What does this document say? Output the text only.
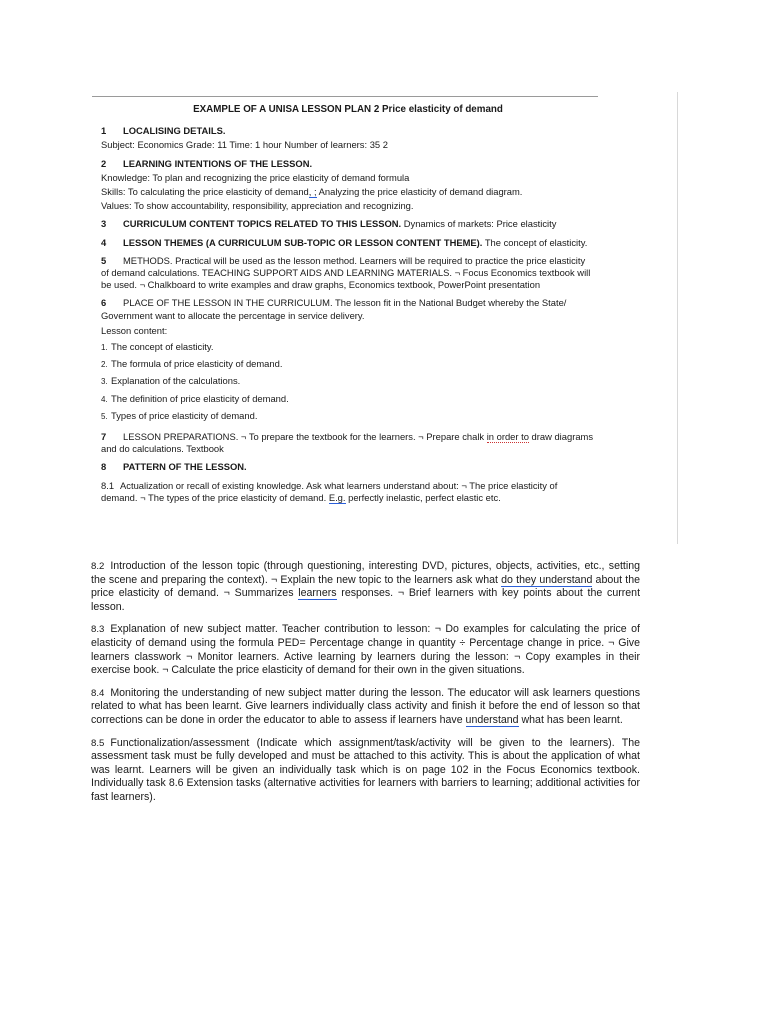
EXAMPLE OF A UNISA LESSON PLAN 2 Price elasticity of demand
1 LOCALISING DETAILS.
Subject: Economics Grade: 11 Time: 1 hour Number of learners: 35 2
2 LEARNING INTENTIONS OF THE LESSON.
Knowledge: To plan and recognizing the price elasticity of demand formula
Skills: To calculating the price elasticity of demand, ; Analyzing the price elasticity of demand diagram.
Values: To show accountability, responsibility, appreciation and recognizing.
3 CURRICULUM CONTENT TOPICS RELATED TO THIS LESSON. Dynamics of markets: Price elasticity
4 LESSON THEMES (A CURRICULUM SUB-TOPIC OR LESSON CONTENT THEME). The concept of elasticity.
5 METHODS. Practical will be used as the lesson method. Learners will be required to practice the price elasticity of demand calculations. TEACHING SUPPORT AIDS AND LEARNING MATERIALS. ¬ Focus Economics textbook will be used. ¬ Chalkboard to write examples and draw graphs, Economics textbook, PowerPoint presentation
6 PLACE OF THE LESSON IN THE CURRICULUM. The lesson fit in the National Budget whereby the State/ Government want to allocate the percentage in service delivery.
Lesson content:
1. The concept of elasticity.
2. The formula of price elasticity of demand.
3. Explanation of the calculations.
4. The definition of price elasticity of demand.
5. Types of price elasticity of demand.
7 LESSON PREPARATIONS. ¬ To prepare the textbook for the learners. ¬ Prepare chalk in order to draw diagrams and do calculations. Textbook
8 PATTERN OF THE LESSON.
8.1 Actualization or recall of existing knowledge. Ask what learners understand about: ¬ The price elasticity of demand. ¬ The types of the price elasticity of demand. E.g. perfectly inelastic, perfect elastic etc.
8.2 Introduction of the lesson topic (through questioning, interesting DVD, pictures, objects, activities, etc., setting the scene and preparing the context). ¬ Explain the new topic to the learners ask what do they understand about the price elasticity of demand. ¬ Summarizes learners responses. ¬ Brief learners with key points about the current lesson.
8.3 Explanation of new subject matter. Teacher contribution to lesson: ¬ Do examples for calculating the price of elasticity of demand using the formula PED= Percentage change in quantity ÷ Percentage change in price. ¬ Give learners classwork ¬ Monitor learners. Active learning by learners during the lesson: ¬ Copy examples in their exercise book. ¬ Calculate the price elasticity of demand for their own in the given situations.
8.4 Monitoring the understanding of new subject matter during the lesson. The educator will ask learners questions related to what has been learnt. Give learners individually class activity and finish it before the end of lesson so that corrections can be done in order the educator to able to assess if learners have understand what has been learnt.
8.5 Functionalization/assessment (Indicate which assignment/task/activity will be given to the learners). The assessment task must be fully developed and must be attached to this activity. This is about the application of what was learnt. Learners will be given an individually task which is on page 102 in the Focus Economics textbook. Individually task 8.6 Extension tasks (alternative activities for learners with barriers to learning; additional activities for fast learners).
